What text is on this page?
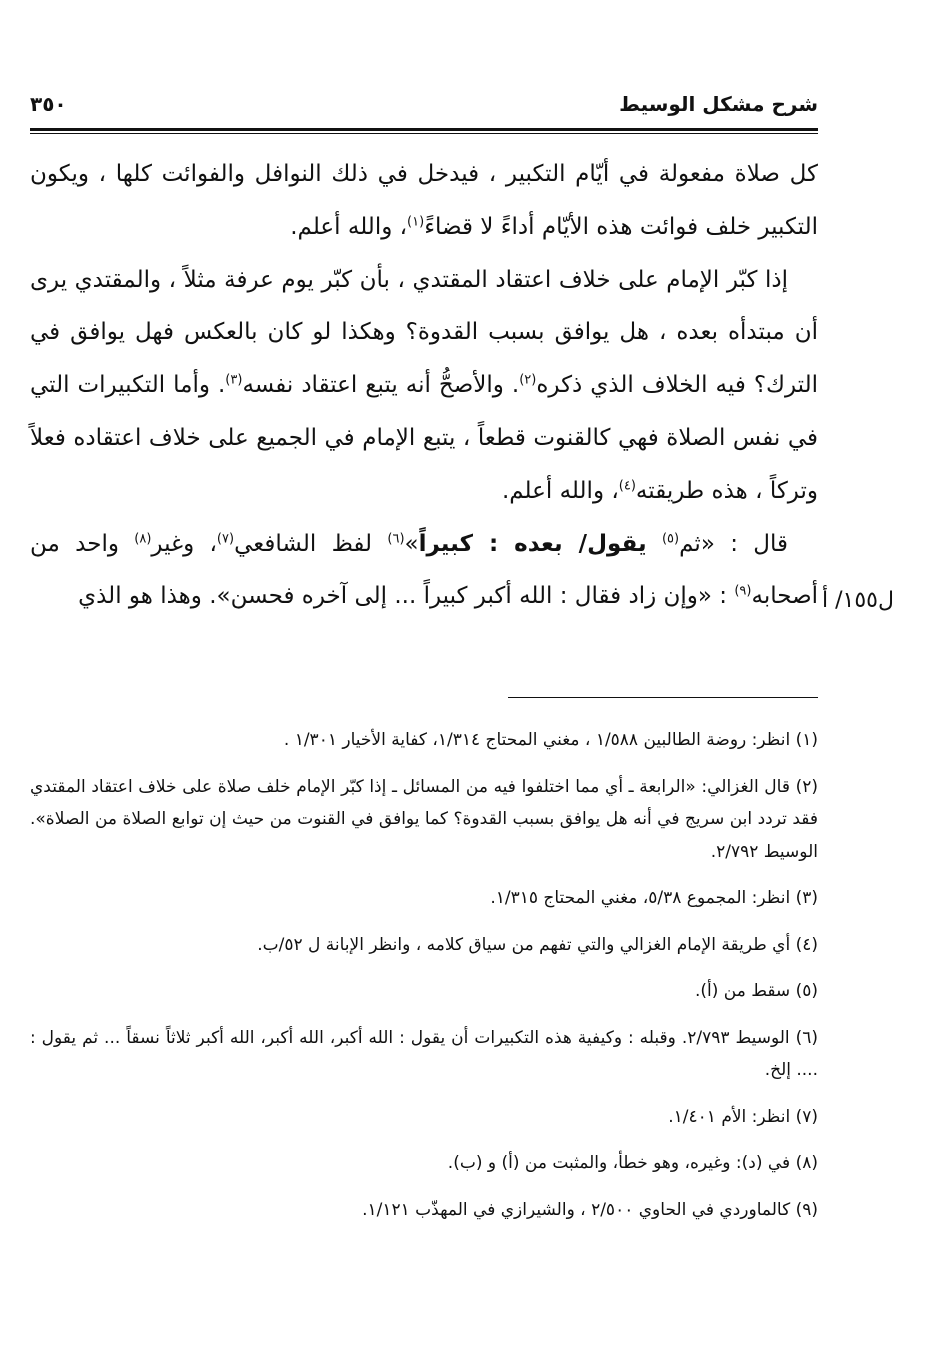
٣٥٠	شرح مشكل الوسيط

كل صلاة مفعولة في أيّام التكبير ، فيدخل في ذلك النوافل والفوائت كلها ، ويكون التكبير خلف فوائت هذه الأيّام أداءً لا قضاءً$^{(١)}$، والله أعلم.

إذا كبّر الإمام على خلاف اعتقاد المقتدي ، بأن كبّر يوم عرفة مثلاً ، والمقتدي يرى أن مبتدأه بعده ، هل يوافق بسبب القدوة؟ وهكذا لو كان بالعكس فهل يوافق في الترك؟ فيه الخلاف الذي ذكره$^{(٢)}$. والأصحُّ أنه يتبع اعتقاد نفسه$^{(٣)}$. وأما التكبيرات التي في نفس الصلاة فهي كالقنوت قطعاً ، يتبع الإمام في الجميع على خلاف اعتقاده فعلاً وتركاً ، هذه طريقته$^{(٤)}$، والله أعلم.

قال : «ثم$^{(٥)}$ يقول/ بعده : كبيراً»$^{(٦)}$ لفظ الشافعي$^{(٧)}$، وغير$^{(٨)}$ واحد من أصحابه$^{(٩)}$ : «وإن زاد فقال : الله أكبر كبيراً ... إلى آخره فحسن». وهذا هو الذي	ل١٥٥/ أ

(١) انظر: روضة الطالبين ١/٥٨٨ ، مغني المحتاج ١/٣١٤، كفاية الأخيار ١/٣٠١ .

(٢) قال الغزالي: «الرابعة ـ أي مما اختلفوا فيه من المسائل ـ إذا كبّر الإمام خلف صلاة على خلاف اعتقاد المقتدي فقد تردد ابن سريج في أنه هل يوافق بسبب القدوة؟ كما يوافق في القنوت من حيث إن توابع الصلاة من الصلاة». الوسيط ٢/٧٩٢.

(٣) انظر: المجموع ٥/٣٨، مغني المحتاج ١/٣١٥.

(٤) أي طريقة الإمام الغزالي والتي تفهم من سياق كلامه ، وانظر الإبانة ل ٥٢/ب.

(٥) سقط من (أ).

(٦) الوسيط ٢/٧٩٣. وقبله : وكيفية هذه التكبيرات أن يقول : الله أكبر، الله أكبر، الله أكبر ثلاثاً نسقاً ... ثم يقول : .... إلخ.

(٧) انظر: الأم ١/٤٠١.

(٨) في (د): وغيره، وهو خطأ، والمثبت من (أ) و (ب).

(٩) كالماوردي في الحاوي ٢/٥٠٠ ، والشيرازي في المهذّب ١/١٢١.
